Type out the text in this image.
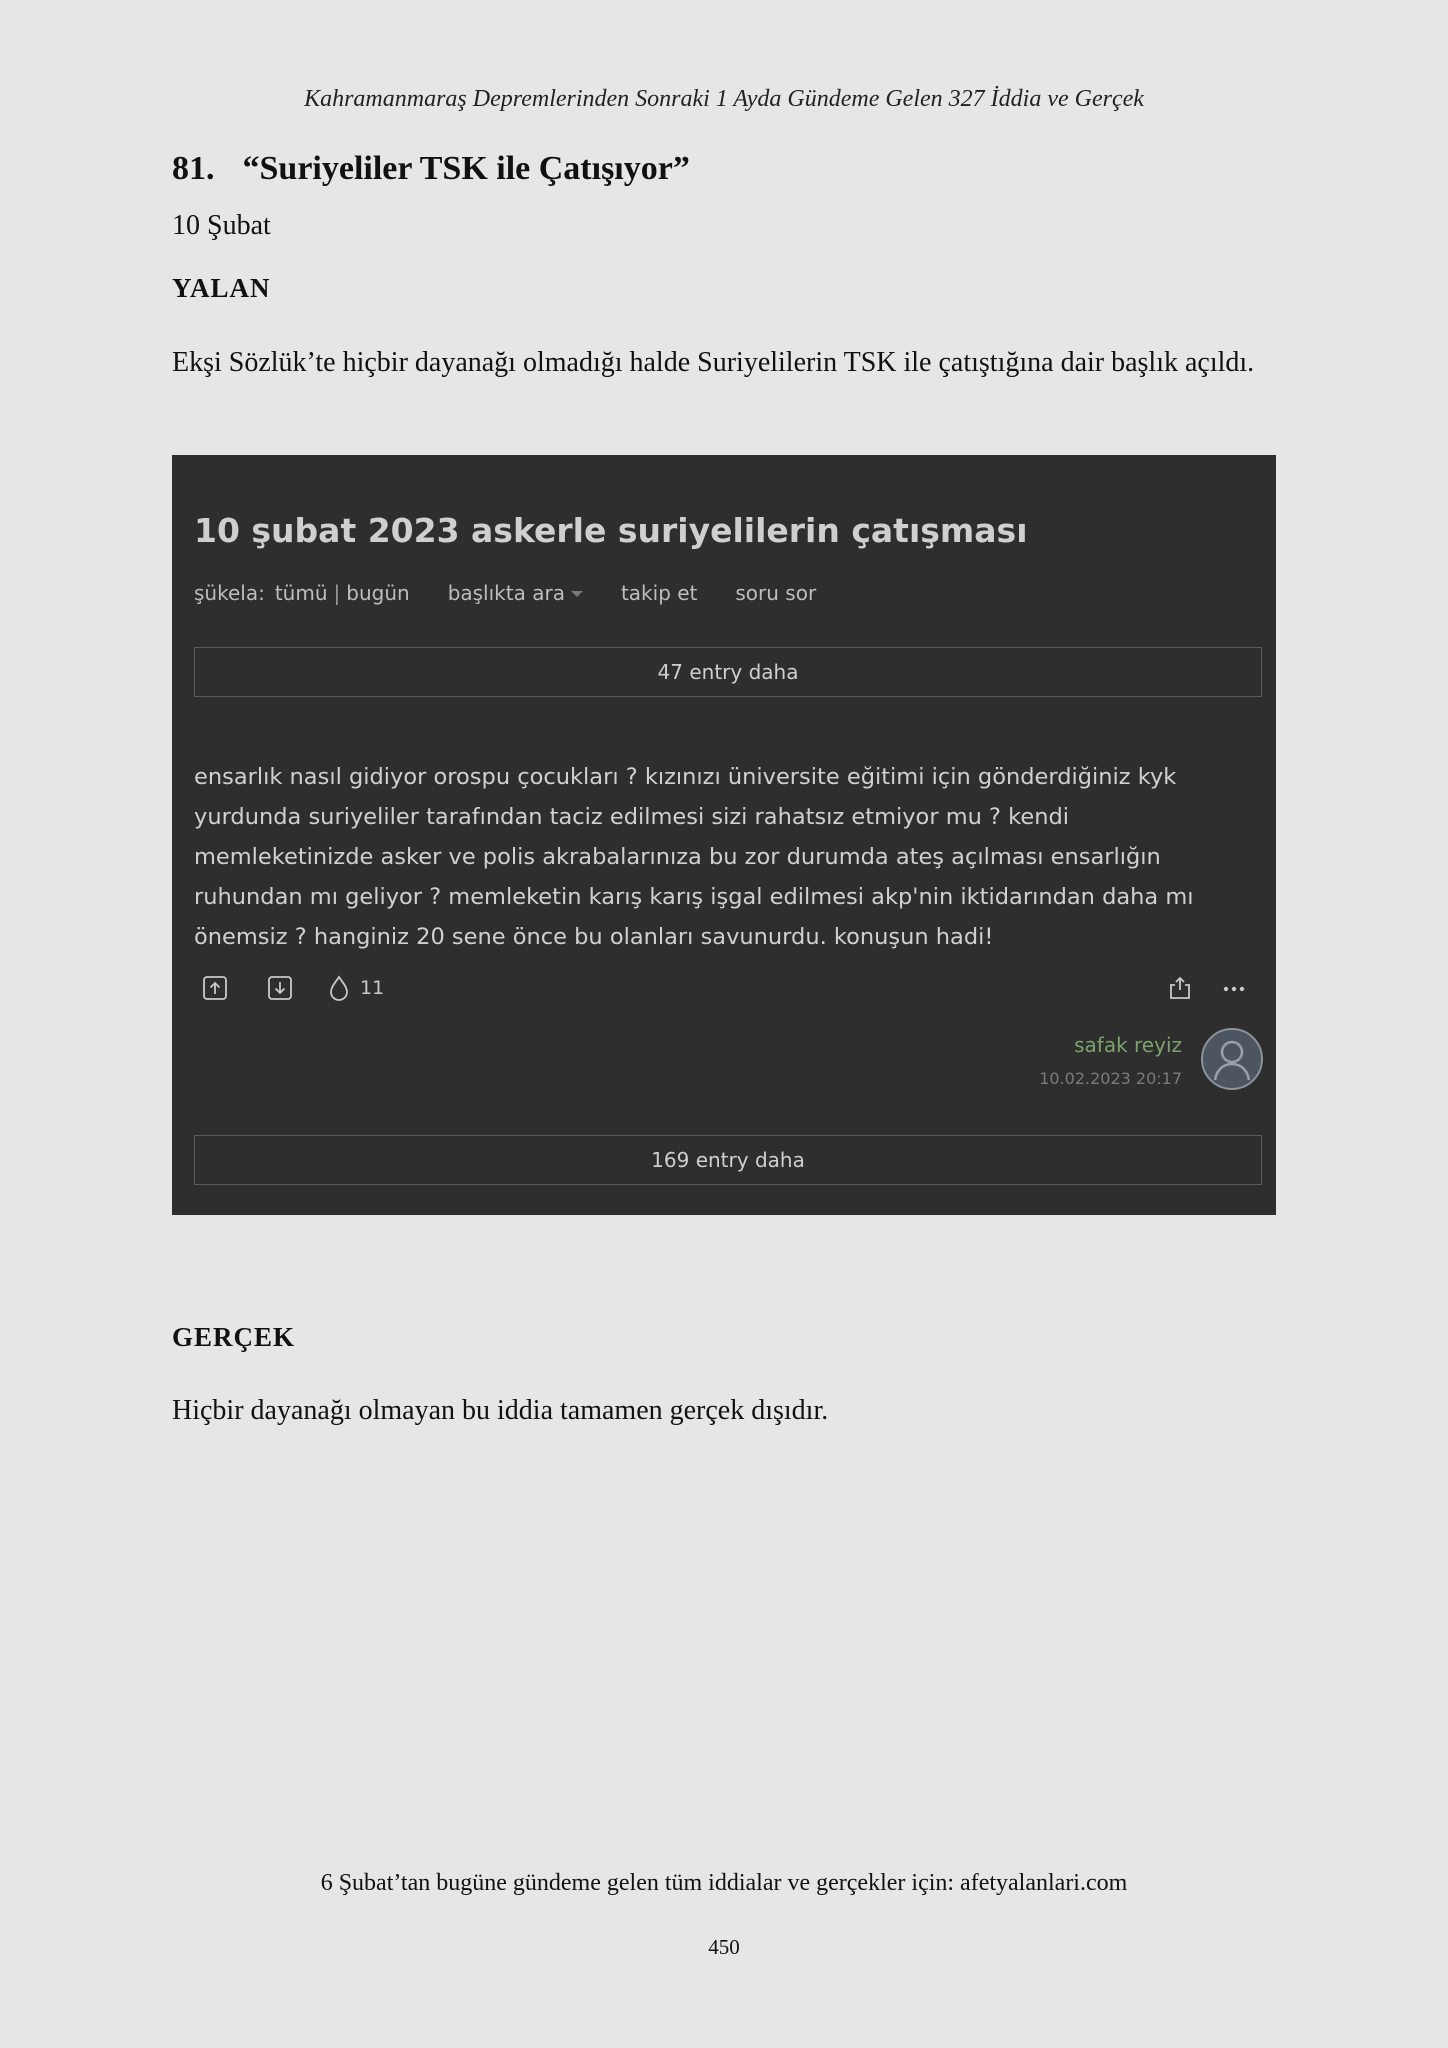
Kahramanmaraş Depremlerinden Sonraki 1 Ayda Gündeme Gelen 327 İddia ve Gerçek
81. “Suriyeliler TSK ile Çatışıyor”
10 Şubat
YALAN

Ekşi Sözlük’te hiçbir dayanağı olmadığı halde Suriyelilerin TSK ile çatıştığına dair başlık açıldı.

10 şubat 2023 askerle suriyelilerin çatışması
şükela: tümü | bugün başlıkta ara	takip et soru sor
47 entry daha

ensarlık nasıl gidiyor orospu çocukları ? kızınızı üniversite eğitimi için gönderdiğiniz kyk yurdunda suriyeliler tarafından taciz edilmesi sizi rahatsız etmiyor mu ? kendi memleketinizde asker ve polis akrabalarınıza bu zor durumda ateş açılması ensarlığın ruhundan mı geliyor ? memleketin karış karış işgal edilmesi akp'nin iktidarından daha mı önemsiz ? hanginiz 20 sene önce bu olanları savunurdu. konuşun hadi!

11
safak reyiz
10.02.2023 20:17
169 entry daha
GERÇEK

Hiçbir dayanağı olmayan bu iddia tamamen gerçek dışıdır.

6 Şubat’tan bugüne gündeme gelen tüm iddialar ve gerçekler için: afetyalanlari.com
450
